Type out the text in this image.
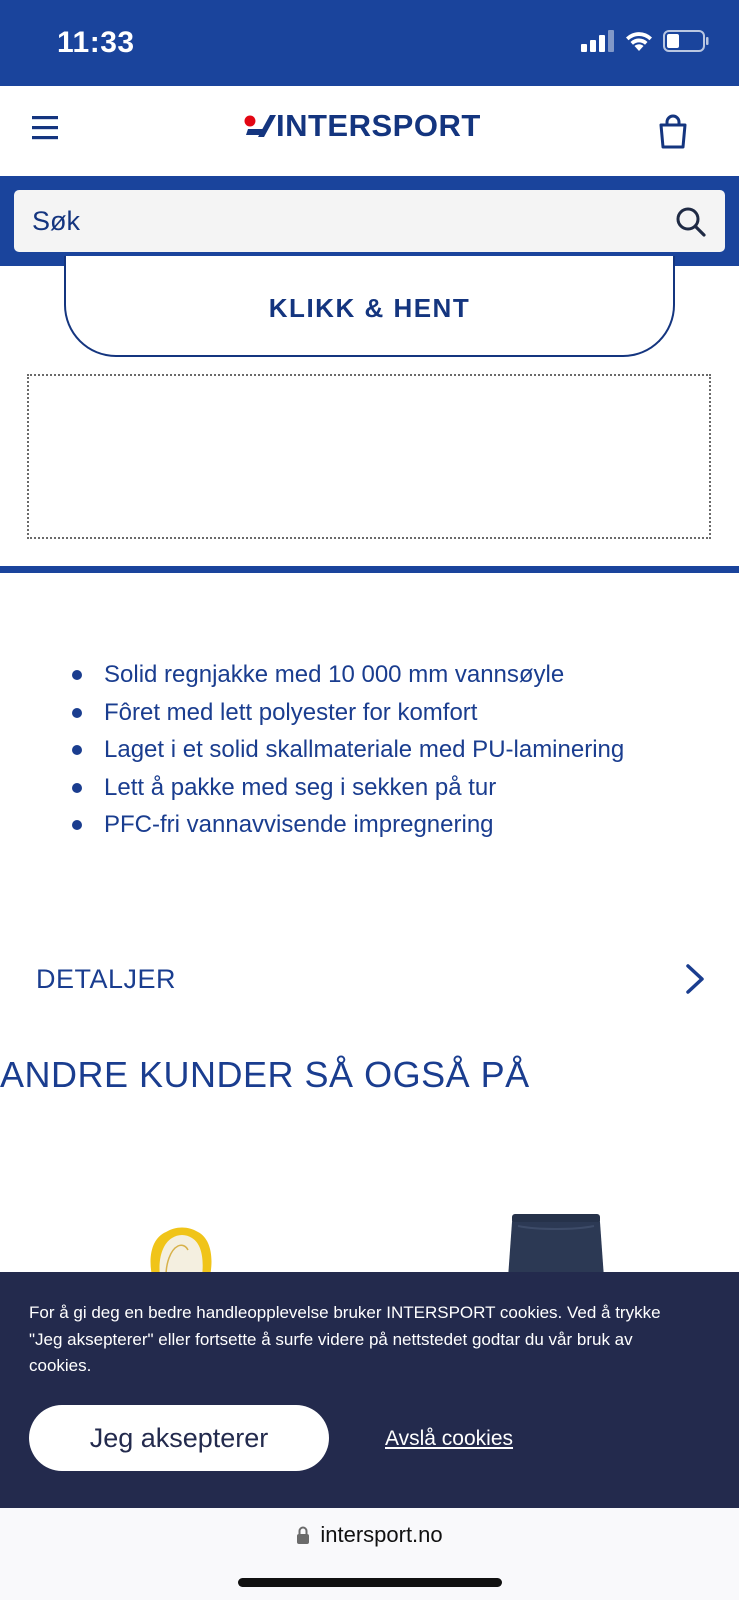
11:33
INTERSPORT
Søk
KLIKK & HENT
Solid regnjakke med 10 000 mm vannsøyle
Fôret med lett polyester for komfort
Laget i et solid skallmateriale med PU-laminering
Lett å pakke med seg i sekken på tur
PFC-fri vannavvisende impregnering
DETALJER
ANDRE KUNDER SÅ OGSÅ PÅ

For å gi deg en bedre handleopplevelse bruker INTERSPORT cookies. Ved å trykke "Jeg aksepterer" eller fortsette å surfe videre på nettstedet godtar du vår bruk av cookies.

Jeg aksepterer	Avslå cookies
intersport.no
